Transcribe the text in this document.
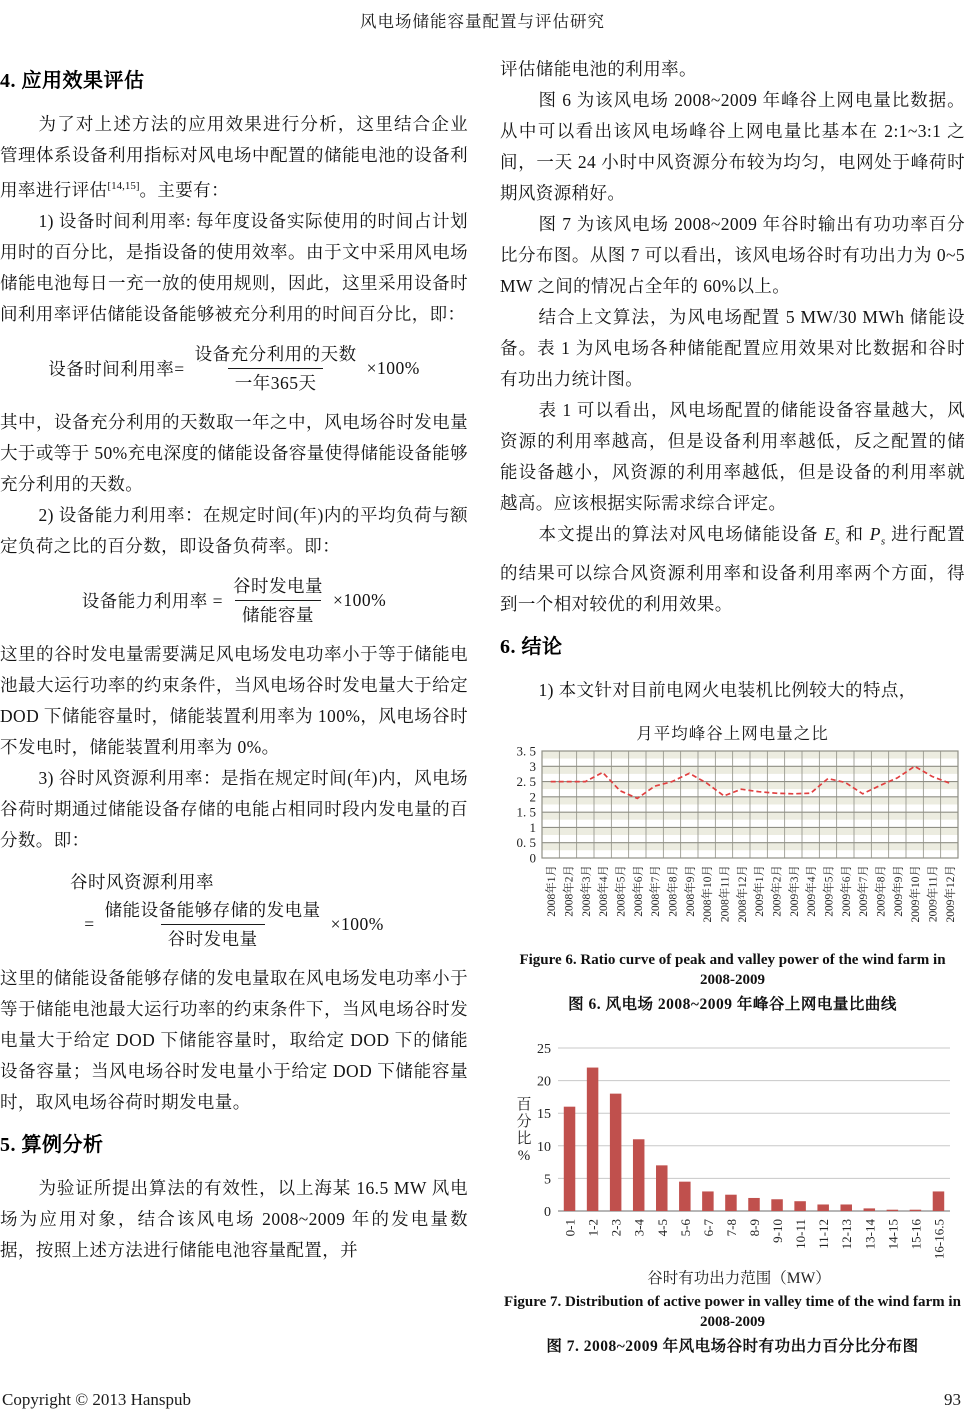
风电场储能容量配置与评估研究
4. 应用效果评估

为了对上述方法的应用效果进行分析，这里结合企业管理体系设备利用指标对风电场中配置的储能电池的设备利用率进行评估[14,15]。主要有：

1) 设备时间利用率: 每年度设备实际使用的时间占计划用时的百分比，是指设备的使用效率。由于文中采用风电场储能电池每日一充一放的使用规则，因此，这里采用设备时间利用率评估储能设备能够被充分利用的时间百分比，即：

设备时间利用率= $\frac{\text{设备充分利用的天数}}{\text{一年365天}} \times 100\%$

其中，设备充分利用的天数取一年之中，风电场谷时发电量大于或等于 50%充电深度的储能设备容量使得储能设备能够充分利用的天数。

2) 设备能力利用率：在规定时间(年)内的平均负荷与额定负荷之比的百分数，即设备负荷率。即：

设备能力利用率 = $\frac{\text{谷时发电量}}{\text{储能容量}} \times 100\%$

这里的谷时发电量需要满足风电场发电功率小于等于储能电池最大运行功率的约束条件，当风电场谷时发电量大于给定 DOD 下储能容量时，储能装置利用率为 100%，风电场谷时不发电时，储能装置利用率为 0%。

3) 谷时风资源利用率：是指在规定时间(年)内，风电场谷荷时期通过储能设备存储的电能占相同时段内发电量的百分数。即：

谷时风资源利用率
= $\frac{\text{储能设备能够存储的发电量}}{\text{谷时发电量}} \times 100\%$

这里的储能设备能够存储的发电量取在风电场发电功率小于等于储能电池最大运行功率的约束条件下，当风电场谷时发电量大于给定 DOD 下储能容量时，取给定 DOD 下的储能设备容量；当风电场谷时发电量小于给定 DOD 下储能容量时，取风电场谷荷时期发电量。

5. 算例分析

为验证所提出算法的有效性，以上海某 16.5 MW 风电场为应用对象，结合该风电场 2008~2009 年的发电量数据，按照上述方法进行储能电池容量配置，并

评估储能电池的利用率。

图 6 为该风电场 2008~2009 年峰谷上网电量比数据。从中可以看出该风电场峰谷上网电量比基本在 2:1~3:1 之间，一天 24 小时中风资源分布较为均匀，电网处于峰荷时期风资源稍好。

图 7 为该风电场 2008~2009 年谷时输出有功功率百分比分布图。从图 7 可以看出，该风电场谷时有功出力为 0~5 MW 之间的情况占全年的 60%以上。

结合上文算法，为风电场配置 5 MW/30 MWh 储能设备。表 1 为风电场各种储能配置应用效果对比数据和谷时有功出力统计图。

表 1 可以看出，风电场配置的储能设备容量越大，风资源的利用率越高，但是设备利用率越低，反之配置的储能设备越小，风资源的利用率越低，但是设备的利用率就越高。应该根据实际需求综合评定。

本文提出的算法对风电场储能设备 $E_s$ 和 $P_s$ 进行配置的结果可以综合风资源利用率和设备利用率两个方面，得到一个相对较优的利用效果。

6. 结论

1) 本文针对目前电网火电装机比例较大的特点，

月平均峰谷上网电量之比
0
0. 5
1
1. 5
2
2. 5
3
3. 5
2008年1月 2008年2月 2008年3月 2008年4月 2008年5月 2008年6月 2008年7月 2008年8月 2008年9月 2008年10月 2008年11月 2008年12月 2009年1月 2009年2月 2009年3月 2009年4月 2009年5月 2009年6月 2009年7月 2009年8月 2009年9月 2009年10月 2009年11月 2009年12月
Figure 6. Ratio curve of peak and valley power of the wind farm in 2008-2009
图 6. 风电场 2008~2009 年峰谷上网电量比曲线
0
5
10
15
20
25
百
分
比
%
0-1 1-2 2-3 3-4 4-5 5-6 6-7 7-8 8-9 9-10 10-11 11-12 12-13 13-14 14-15 15-16 16-16.5
谷时有功出力范围（MW）
Figure 7. Distribution of active power in valley time of the wind farm in 2008-2009
图 7. 2008~2009 年风电场谷时有功出力百分比分布图
Copyright © 2013 Hanspub	93
